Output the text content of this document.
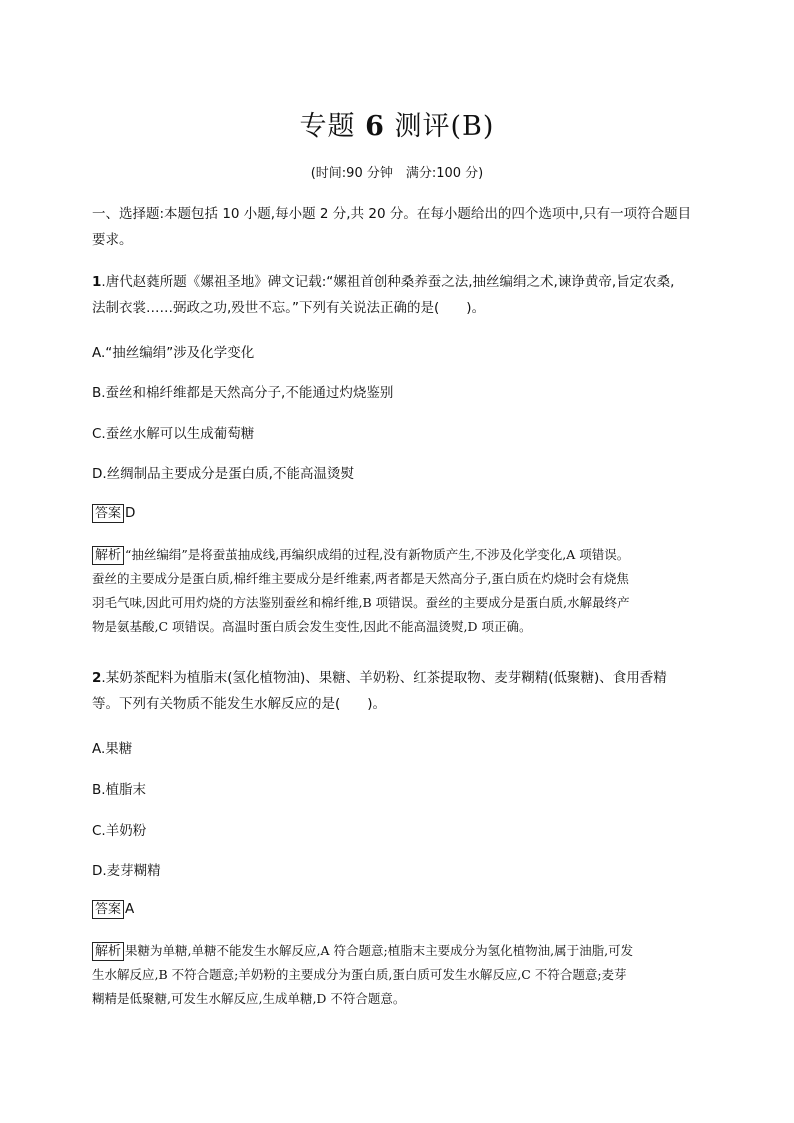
专题 6 测评(B)
(时间:90 分钟　满分:100 分)
一、选择题:本题包括 10 小题,每小题 2 分,共 20 分。在每小题给出的四个选项中,只有一项符合题目
要求。
1.唐代赵蕤所题《嫘祖圣地》碑文记载:“嫘祖首创种桑养蚕之法,抽丝编绢之术,谏诤黄帝,旨定农桑,
法制衣裳……弼政之功,殁世不忘。”下列有关说法正确的是(　　)。
A.“抽丝编绢”涉及化学变化
B.蚕丝和棉纤维都是天然高分子,不能通过灼烧鉴别
C.蚕丝水解可以生成葡萄糖
D.丝绸制品主要成分是蛋白质,不能高温烫熨
答案 D
解析 “抽丝编绢”是将蚕茧抽成线,再编织成绢的过程,没有新物质产生,不涉及化学变化,A 项错误。
蚕丝的主要成分是蛋白质,棉纤维主要成分是纤维素,两者都是天然高分子,蛋白质在灼烧时会有烧焦
羽毛气味,因此可用灼烧的方法鉴别蚕丝和棉纤维,B 项错误。蚕丝的主要成分是蛋白质,水解最终产
物是氨基酸,C 项错误。高温时蛋白质会发生变性,因此不能高温烫熨,D 项正确。
2.某奶茶配料为植脂末(氢化植物油)、果糖、羊奶粉、红茶提取物、麦芽糊精(低聚糖)、食用香精
等。下列有关物质不能发生水解反应的是(　　)。
A.果糖
B.植脂末
C.羊奶粉
D.麦芽糊精
答案 A
解析 果糖为单糖,单糖不能发生水解反应,A 符合题意;植脂末主要成分为氢化植物油,属于油脂,可发
生水解反应,B 不符合题意;羊奶粉的主要成分为蛋白质,蛋白质可发生水解反应,C 不符合题意;麦芽
糊精是低聚糖,可发生水解反应,生成单糖,D 不符合题意。
